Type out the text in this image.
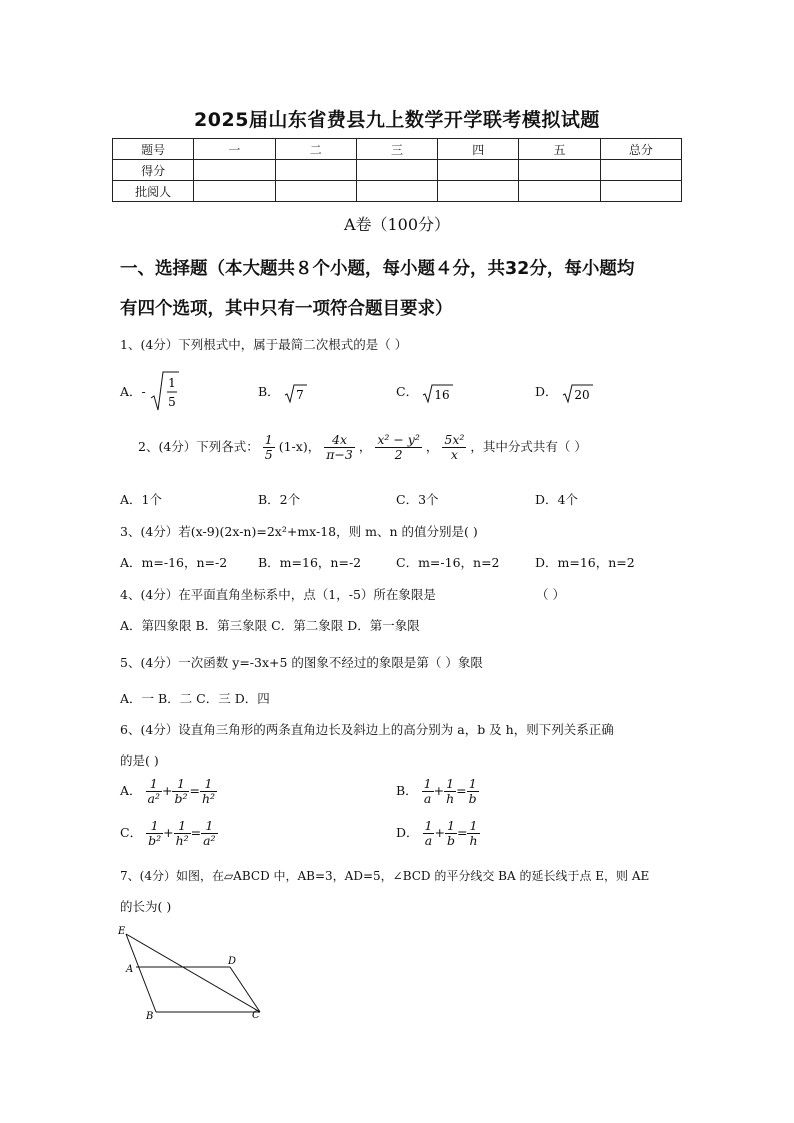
2025届山东省费县九上数学开学联考模拟试题
题号	一	二	三	四	五	总分
得分						
批阅人						
A卷（100分）
一、选择题（本大题共８个小题，每小题４分，共32分，每小题均
有四个选项，其中只有一项符合题目要求）
1、(4分）下列根式中，属于最简二次根式的是（ ）
A．-
1
5
B． 7	C． 16	D． 20
2、(4分）下列各式： $\frac{1}{5} (1-x)$， $\frac{4x}{\pi-3}$ ， $\frac{\text{x² − y²}}{2}$ ， $\frac{\text{5x²}}{x}$ ，其中分式共有（ ）
A．1个	B．2个	C．3个	D．4个
3、(4分）若(x-9)(2x-n)=2x²+mx-18，则 m、n 的值分别是( )
A．m=-16，n=-2 B．m=16，n=-2	C．m=-16，n=2	D．m=16，n=2
4、(4分）在平面直角坐标系中，点（1，-5）所在象限是	（ ）
A．第四象限 B．第三象限 C．第二象限 D．第一象限
5、(4分）一次函数 y=-3x+5 的图象不经过的象限是第（ ）象限
A．一 B．二 C．三 D．四
6、(4分）设直角三角形的两条直角边长及斜边上的高分别为 a，b 及 h，则下列关系正确
的是( )
A． $\frac{1}{\text{a²}} + \frac{1}{\text{b²}} = \frac{1}{\text{h²}}$	B． $\frac{1}{a} + \frac{1}{h} = \frac{1}{b}$
C． $\frac{1}{\text{b²}} + \frac{1}{\text{h²}} = \frac{1}{\text{a²}}$	D． $\frac{1}{a} + \frac{1}{b} = \frac{1}{h}$
7、(4分）如图，在▱ABCD 中，AB=3，AD=5，∠BCD 的平分线交 BA 的延长线于点 E，则 AE
的长为( )
E
A
B	C
D
